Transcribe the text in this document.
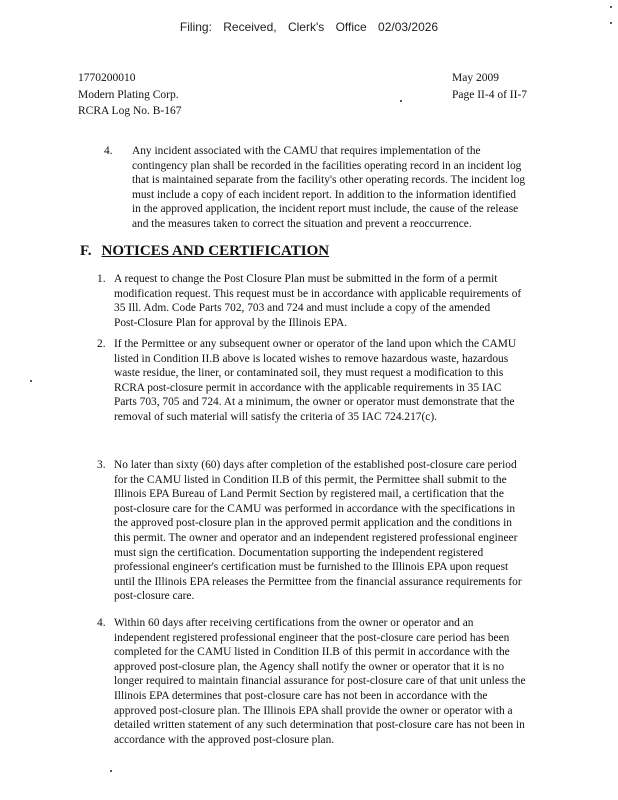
Filing: Received, Clerk's Office 02/03/2026
1770200010
Modern Plating Corp.
RCRA Log No. B-167
May 2009
Page II-4 of II-7
4. Any incident associated with the CAMU that requires implementation of the
contingency plan shall be recorded in the facilities operating record in an incident log
that is maintained separate from the facility's other operating records. The incident log
must include a copy of each incident report. In addition to the information identified
in the approved application, the incident report must include, the cause of the release
and the measures taken to correct the situation and prevent a reoccurrence.
F. NOTICES AND CERTIFICATION
1. A request to change the Post Closure Plan must be submitted in the form of a permit
modification request. This request must be in accordance with applicable requirements of
35 Ill. Adm. Code Parts 702, 703 and 724 and must include a copy of the amended
Post-Closure Plan for approval by the Illinois EPA.
2. If the Permittee or any subsequent owner or operator of the land upon which the CAMU
listed in Condition II.B above is located wishes to remove hazardous waste, hazardous
waste residue, the liner, or contaminated soil, they must request a modification to this
RCRA post-closure permit in accordance with the applicable requirements in 35 IAC
Parts 703, 705 and 724. At a minimum, the owner or operator must demonstrate that the
removal of such material will satisfy the criteria of 35 IAC 724.217(c).
3. No later than sixty (60) days after completion of the established post-closure care period
for the CAMU listed in Condition II.B of this permit, the Permittee shall submit to the
Illinois EPA Bureau of Land Permit Section by registered mail, a certification that the
post-closure care for the CAMU was performed in accordance with the specifications in
the approved post-closure plan in the approved permit application and the conditions in
this permit. The owner and operator and an independent registered professional engineer
must sign the certification. Documentation supporting the independent registered
professional engineer's certification must be furnished to the Illinois EPA upon request
until the Illinois EPA releases the Permittee from the financial assurance requirements for
post-closure care.
4. Within 60 days after receiving certifications from the owner or operator and an
independent registered professional engineer that the post-closure care period has been
completed for the CAMU listed in Condition II.B of this permit in accordance with the
approved post-closure plan, the Agency shall notify the owner or operator that it is no
longer required to maintain financial assurance for post-closure care of that unit unless the
Illinois EPA determines that post-closure care has not been in accordance with the
approved post-closure plan. The Illinois EPA shall provide the owner or operator with a
detailed written statement of any such determination that post-closure care has not been in
accordance with the approved post-closure plan.
